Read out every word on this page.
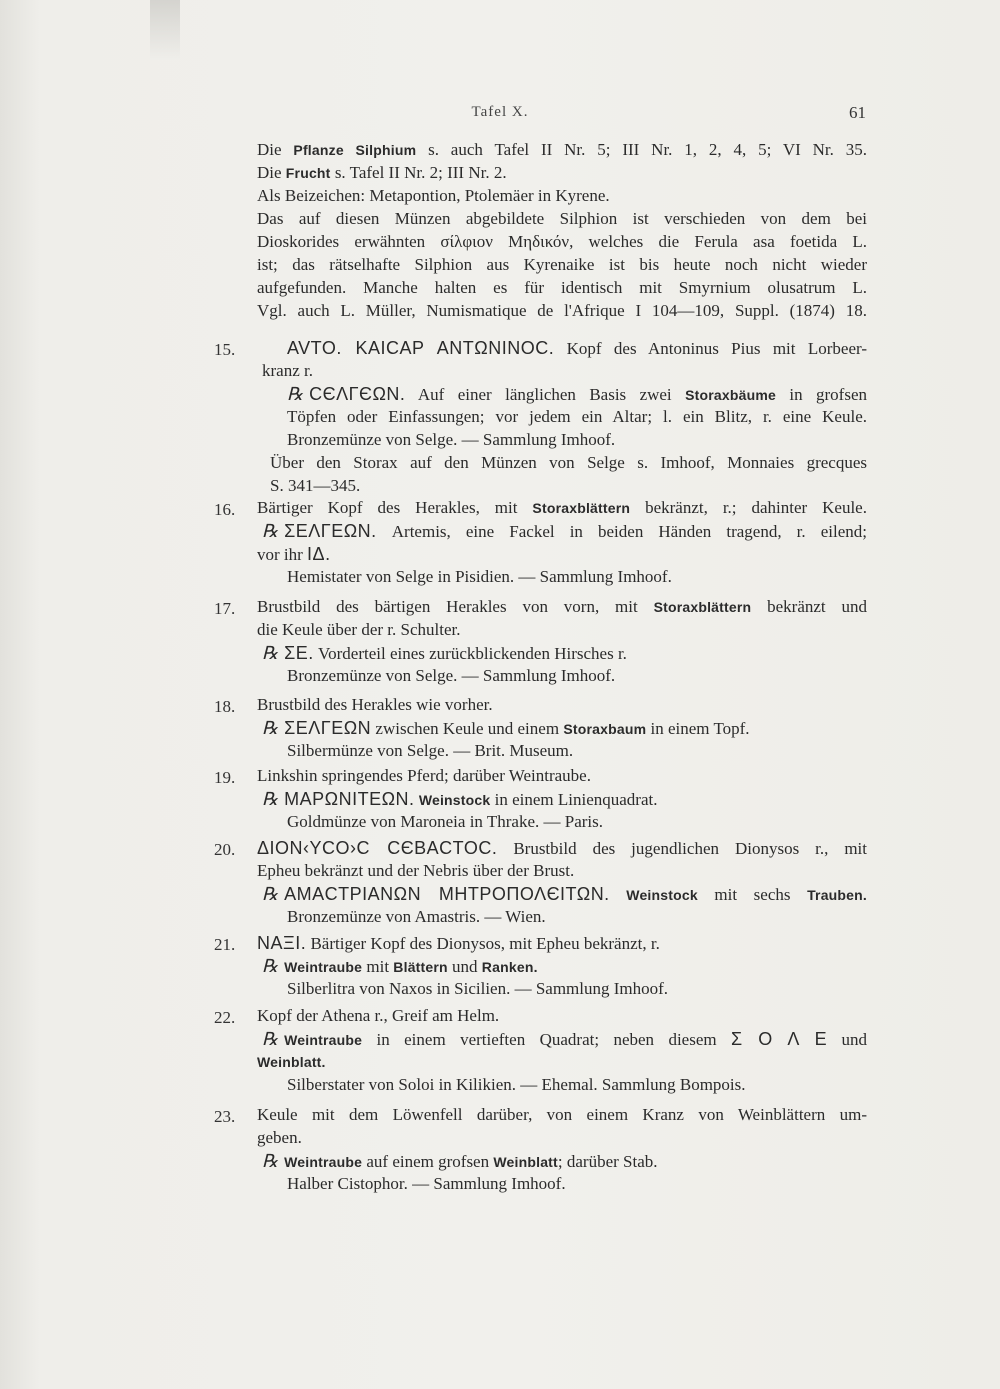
Tafel X.	61
Die Pflanze Silphium s. auch Tafel II Nr. 5; III Nr. 1, 2, 4, 5; VI Nr. 35.
Die Frucht s. Tafel II Nr. 2; III Nr. 2.
Als Beizeichen: Metapontion, Ptolemäer in Kyrene.
Das auf diesen Münzen abgebildete Silphion ist verschieden von dem bei
Dioskorides erwähnten σίλφιον Μηδικόν, welches die Ferula asa foetida L.
ist; das rätselhafte Silphion aus Kyrenaike ist bis heute noch nicht wieder
aufgefunden. Manche halten es für identisch mit Smyrnium olusatrum L.
Vgl. auch L. Müller, Numismatique de l'Afrique I 104—109, Suppl. (1874) 18.
15.	AVTO. KAICAP ANTΩNINOC. Kopf des Antoninus Pius mit Lorbeer-
kranz r.
℞ CЄΛΓЄΩN. Auf einer länglichen Basis zwei Storaxbäume in grofsen
Töpfen oder Einfassungen; vor jedem ein Altar; l. ein Blitz, r. eine Keule.
Bronzemünze von Selge. — Sammlung Imhoof.
Über den Storax auf den Münzen von Selge s. Imhoof, Monnaies grecques
S. 341—345.
16. Bärtiger Kopf des Herakles, mit Storaxblättern bekränzt, r.; dahinter Keule.
℞ ΣΕΛΓΕΩΝ. Artemis, eine Fackel in beiden Händen tragend, r. eilend;
vor ihr IΔ.
Hemistater von Selge in Pisidien. — Sammlung Imhoof.
17. Brustbild des bärtigen Herakles von vorn, mit Storaxblättern bekränzt und
die Keule über der r. Schulter.
℞ ΣΕ. Vorderteil eines zurückblickenden Hirsches r.
Bronzemünze von Selge. — Sammlung Imhoof.
18. Brustbild des Herakles wie vorher.
℞ ΣΕΛΓΕΩΝ zwischen Keule und einem Storaxbaum in einem Topf.
Silbermünze von Selge. — Brit. Museum.
19. Linkshin springendes Pferd; darüber Weintraube.
℞ ΜΑΡΩΝΙΤΕΩΝ. Weinstock in einem Linienquadrat.
Goldmünze von Maroneia in Thrake. — Paris.
20. ΔΙΟΝ‹ΥCΟ›C CЄΒΑCΤΟC. Brustbild des jugendlichen Dionysos r., mit
Epheu bekränzt und der Nebris über der Brust.
℞ ΑΜΑCΤΡΙΑΝΩΝ ΜΗΤΡΟΠΟΛЄΙΤΩΝ. Weinstock mit sechs Trauben.
Bronzemünze von Amastris. — Wien.
21. ΝΑΞΙ. Bärtiger Kopf des Dionysos, mit Epheu bekränzt, r.
℞ Weintraube mit Blättern und Ranken.
Silberlitra von Naxos in Sicilien. — Sammlung Imhoof.
22. Kopf der Athena r., Greif am Helm.
℞ Weintraube in einem vertieften Quadrat; neben diesem Σ Ο Λ Ε und
Weinblatt.
Silberstater von Soloi in Kilikien. — Ehemal. Sammlung Bompois.
23. Keule mit dem Löwenfell darüber, von einem Kranz von Weinblättern um-
geben.
℞ Weintraube auf einem grofsen Weinblatt; darüber Stab.
Halber Cistophor. — Sammlung Imhoof.
